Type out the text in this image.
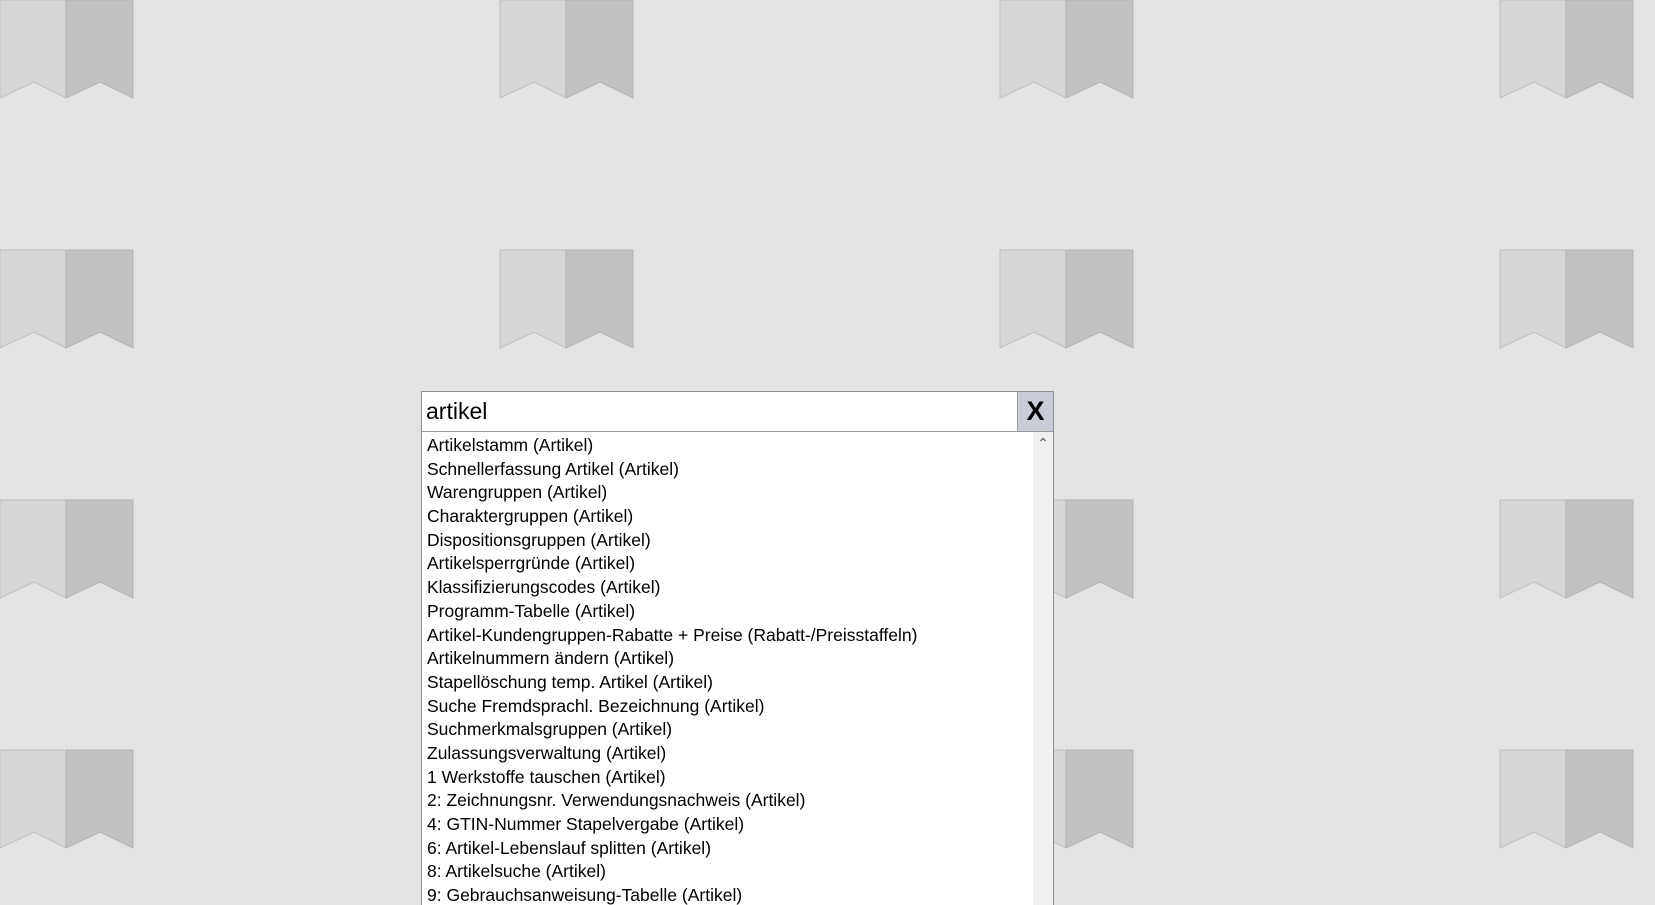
artikel
X
Artikelstamm (Artikel)
Schnellerfassung Artikel (Artikel)
Warengruppen (Artikel)
Charaktergruppen (Artikel)
Dispositionsgruppen (Artikel)
Artikelsperrgründe (Artikel)
Klassifizierungscodes (Artikel)
Programm-Tabelle (Artikel)
Artikel-Kundengruppen-Rabatte + Preise (Rabatt-/Preisstaffeln)
Artikelnummern ändern (Artikel)
Stapellöschung temp. Artikel (Artikel)
Suche Fremdsprachl. Bezeichnung (Artikel)
Suchmerkmalsgruppen (Artikel)
Zulassungsverwaltung (Artikel)
1 Werkstoffe tauschen (Artikel)
2: Zeichnungsnr. Verwendungsnachweis (Artikel)
4: GTIN-Nummer Stapelvergabe (Artikel)
6: Artikel-Lebenslauf splitten (Artikel)
8: Artikelsuche (Artikel)
9: Gebrauchsanweisung-Tabelle (Artikel)
⌃
